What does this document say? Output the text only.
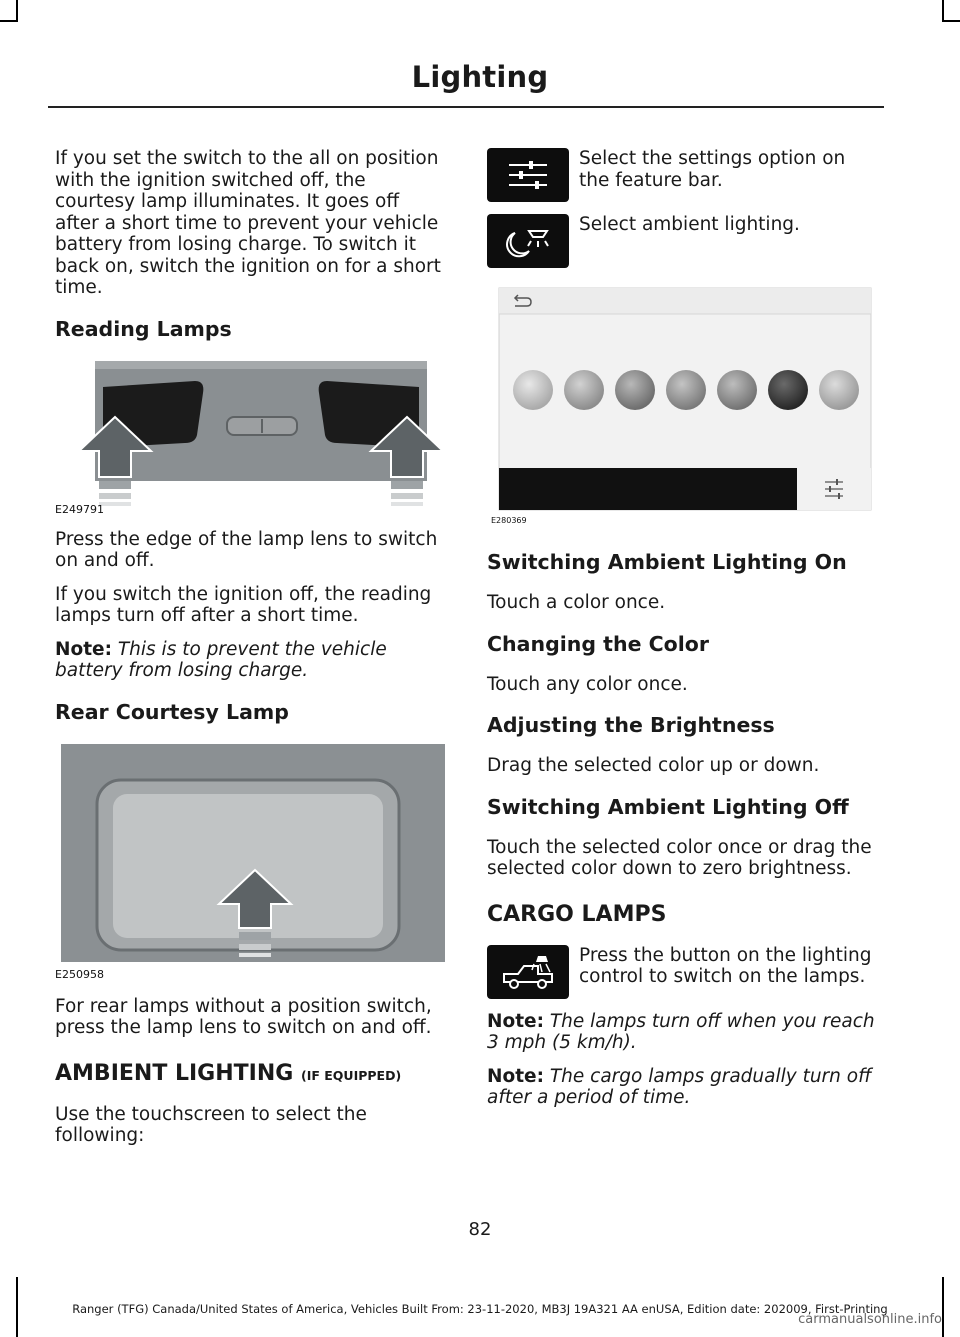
Lighting

If you set the switch to the all on position with the ignition switched off, the courtesy lamp illuminates. It goes off after a short time to prevent your vehicle battery from losing charge. To switch it back on, switch the ignition on for a short time.

Reading Lamps
E249791

Press the edge of the lamp lens to switch on and off.

If you switch the ignition off, the reading lamps turn off after a short time.

Note: This is to prevent the vehicle battery from losing charge.

Rear Courtesy Lamp
E250958

For rear lamps without a position switch, press the lamp lens to switch on and off.

AMBIENT LIGHTING (IF EQUIPPED)

Use the touchscreen to select the following:

Select the settings option on the feature bar.
Select ambient lighting.
E280369
Switching Ambient Lighting On

Touch a color once.

Changing the Color

Touch any color once.

Adjusting the Brightness

Drag the selected color up or down.

Switching Ambient Lighting Off

Touch the selected color once or drag the selected color down to zero brightness.

CARGO LAMPS
Press the button on the lighting control to switch on the lamps.

Note: The lamps turn off when you reach 3 mph (5 km/h).

Note: The cargo lamps gradually turn off after a period of time.

82
Ranger (TFG) Canada/United States of America, Vehicles Built From: 23-11-2020, MB3J 19A321 AA enUSA, Edition date: 202009, First-Printing
carmanualsonline.info
